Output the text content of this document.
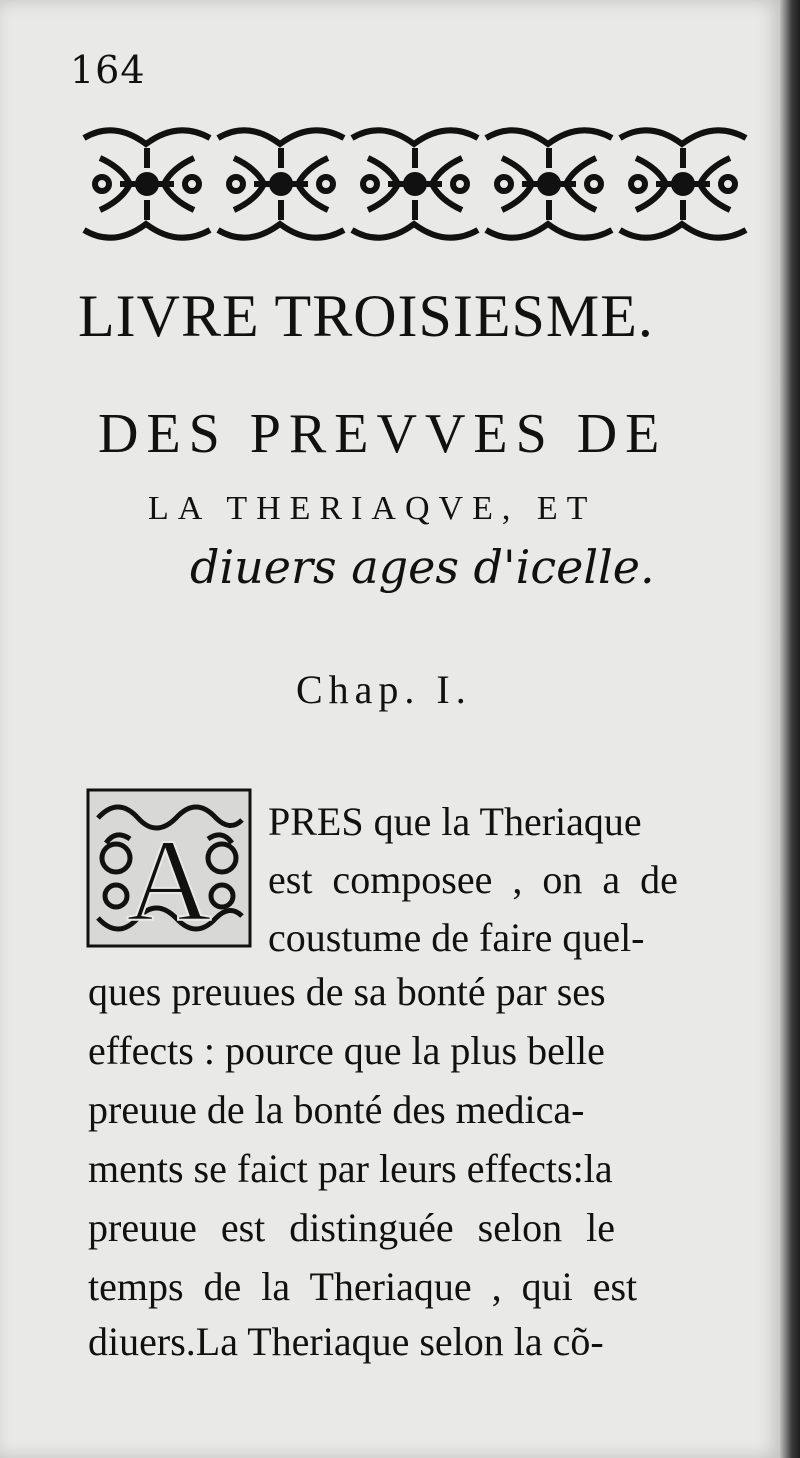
164
LIVRE TROISIESME.
DES PREVVES DE
LA THERIAQVE, ET
diuers ages d'icelle.
Chap. I.
A PRES que la Theriaque
est composee , on a de
coustume de faire quel-
ques preuues de sa bonté par ses
effects : pource que la plus belle
preuue de la bonté des medica-
ments se faict par leurs effects:la
preuue est distinguée selon le
temps de la Theriaque , qui est
diuers.La Theriaque selon la cõ-
